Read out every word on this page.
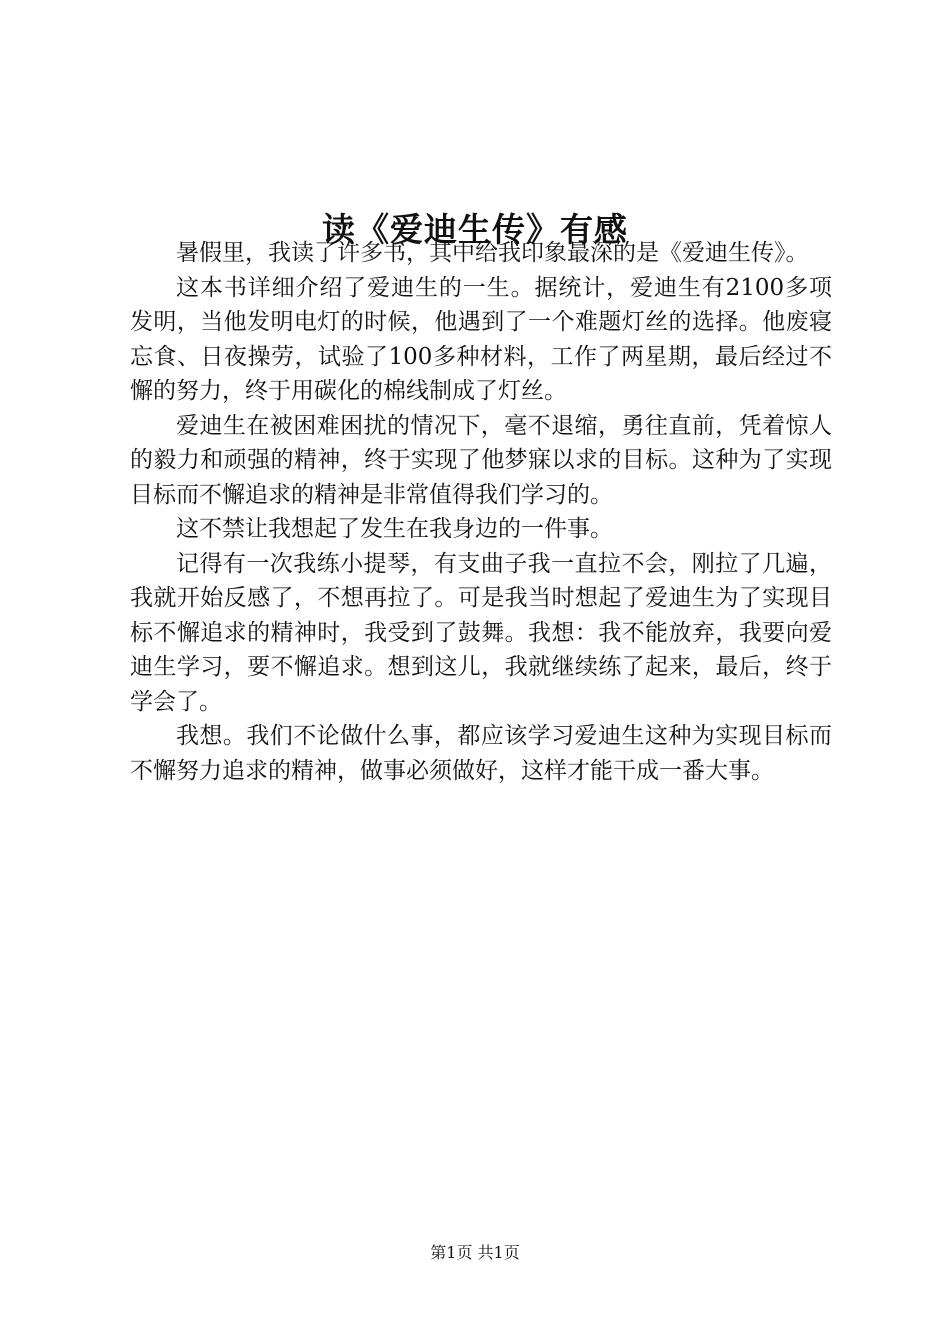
读《爱迪生传》有感

暑假里，我读了许多书，其中给我印象最深的是《爱迪生传》。

这本书详细介绍了爱迪生的一生。据统计，爱迪生有2100多项发明，当他发明电灯的时候，他遇到了一个难题灯丝的选择。他废寝忘食、日夜操劳，试验了100多种材料，工作了两星期，最后经过不懈的努力，终于用碳化的棉线制成了灯丝。

爱迪生在被困难困扰的情况下，毫不退缩，勇往直前，凭着惊人的毅力和顽强的精神，终于实现了他梦寐以求的目标。这种为了实现目标而不懈追求的精神是非常值得我们学习的。

这不禁让我想起了发生在我身边的一件事。

记得有一次我练小提琴，有支曲子我一直拉不会，刚拉了几遍，我就开始反感了，不想再拉了。可是我当时想起了爱迪生为了实现目标不懈追求的精神时，我受到了鼓舞。我想：我不能放弃，我要向爱迪生学习，要不懈追求。想到这儿，我就继续练了起来，最后，终于学会了。

我想。我们不论做什么事，都应该学习爱迪生这种为实现目标而不懈努力追求的精神，做事必须做好，这样才能干成一番大事。

第1页 共1页
